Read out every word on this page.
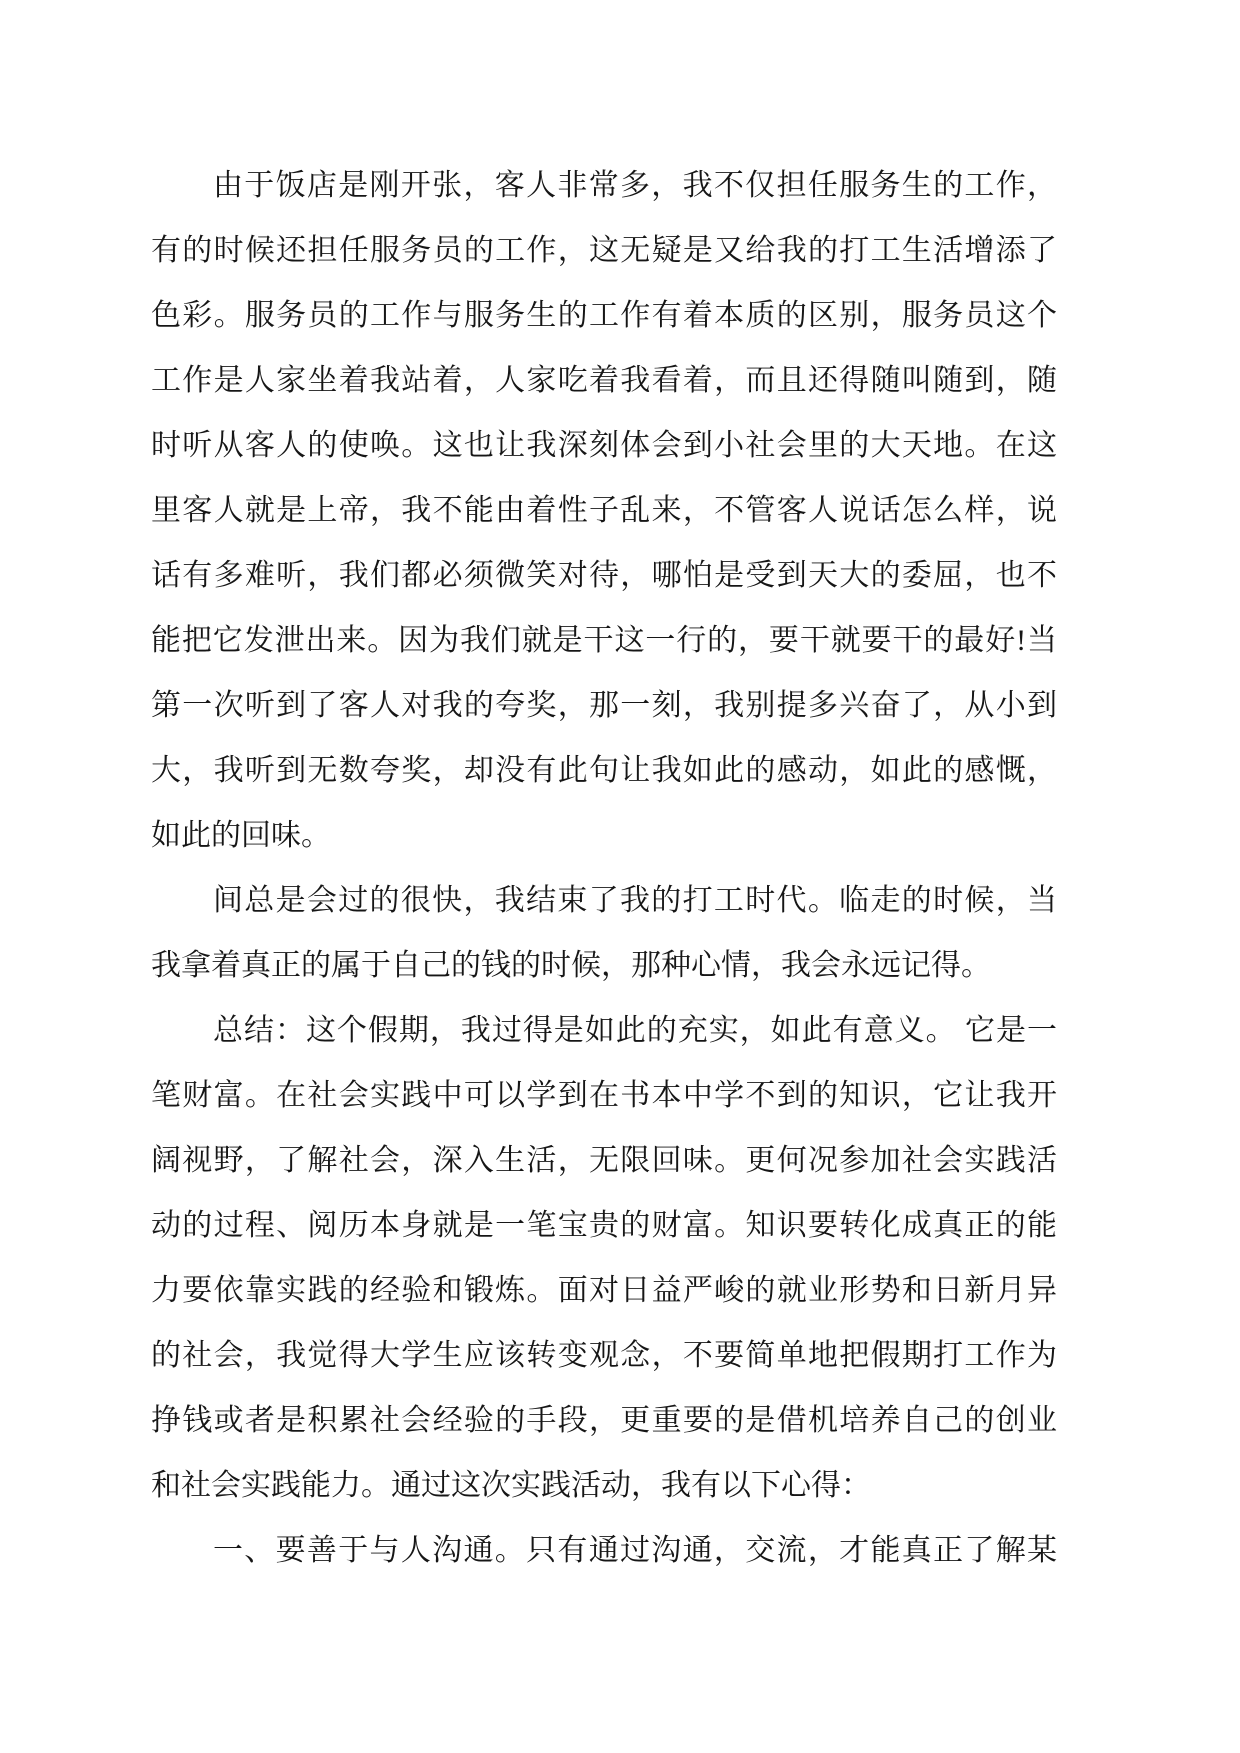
由于饭店是刚开张，客人非常多，我不仅担任服务生的工作，
有的时候还担任服务员的工作，这无疑是又给我的打工生活增添了
色彩。服务员的工作与服务生的工作有着本质的区别，服务员这个
工作是人家坐着我站着，人家吃着我看着，而且还得随叫随到，随
时听从客人的使唤。这也让我深刻体会到小社会里的大天地。在这
里客人就是上帝，我不能由着性子乱来，不管客人说话怎么样，说
话有多难听，我们都必须微笑对待，哪怕是受到天大的委屈，也不
能把它发泄出来。因为我们就是干这一行的，要干就要干的最好!当
第一次听到了客人对我的夸奖，那一刻，我别提多兴奋了，从小到
大，我听到无数夸奖，却没有此句让我如此的感动，如此的感慨，
如此的回味。
间总是会过的很快，我结束了我的打工时代。临走的时候，当
我拿着真正的属于自己的钱的时候，那种心情，我会永远记得。
总结：这个假期，我过得是如此的充实，如此有意义。 它是一
笔财富。在社会实践中可以学到在书本中学不到的知识，它让我开
阔视野，了解社会，深入生活，无限回味。更何况参加社会实践活
动的过程、阅历本身就是一笔宝贵的财富。知识要转化成真正的能
力要依靠实践的经验和锻炼。面对日益严峻的就业形势和日新月异
的社会，我觉得大学生应该转变观念，不要简单地把假期打工作为
挣钱或者是积累社会经验的手段，更重要的是借机培养自己的创业
和社会实践能力。通过这次实践活动，我有以下心得：
一、要善于与人沟通。只有通过沟通，交流，才能真正了解某
